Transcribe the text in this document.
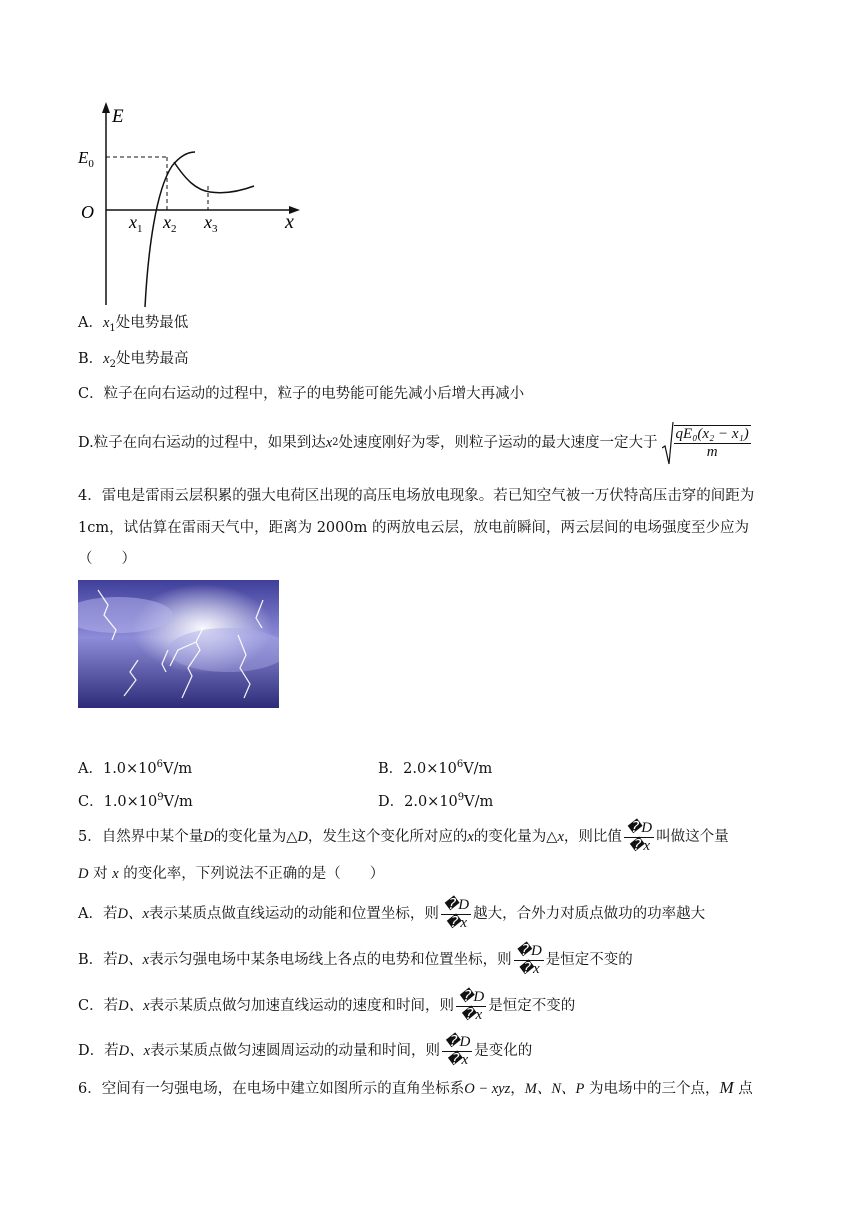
E
x
O
$E_0$
$x_1$ $x_2$ $x_3$
A．$x_1$处电势最低
B．$x_2$处电势最高
C．粒子在向右运动的过程中，粒子的电势能可能先减小后增大再减小
D.粒子在向右运动的过程中，如果到达 x 2 处速度刚好为零，则粒子运动的最大速度一定大于 $\frac{\text{qE₀(x₂ − x₁)}}{m}$
4．雷电是雷雨云层积累的强大电荷区出现的高压电场放电现象。若已知空气被一万伏特高压击穿的间距为
1cm，试估算在雷雨天气中，距离为 2000m 的两放电云层，放电前瞬间，两云层间的电场强度至少应为
（　　）
A．$1.0\times 10^6V/m$	B．$2.0\times 10^6V/m$
C．$1.0\times 10^9V/m$	D．$2.0\times 10^9V/m$
5．自然界中某个量 D 的变化量为△ D ，发生这个变化所对应的 x 的变化量为△ x ，则比值 $\frac{�D}{�x}$ 叫做这个量
D 对 x 的变化率，下列说法不正确的是（　　）
A．若 D、x 表示某质点做直线运动的动能和位置坐标，则 $\frac{�D}{�x}$ 越大，合外力对质点做功的功率越大
B．若 D、x 表示匀强电场中某条电场线上各点的电势和位置坐标，则 $\frac{�D}{�x}$ 是恒定不变的
C．若 D、x 表示某质点做匀加速直线运动的速度和时间，则 $\frac{�D}{�x}$ 是恒定不变的
D．若 D、x 表示某质点做匀速圆周运动的动量和时间，则 $\frac{�D}{�x}$ 是变化的
6．空间有一匀强电场，在电场中建立如图所示的直角坐标系O − xyz，M、N、P 为电场中的三个点，M 点
